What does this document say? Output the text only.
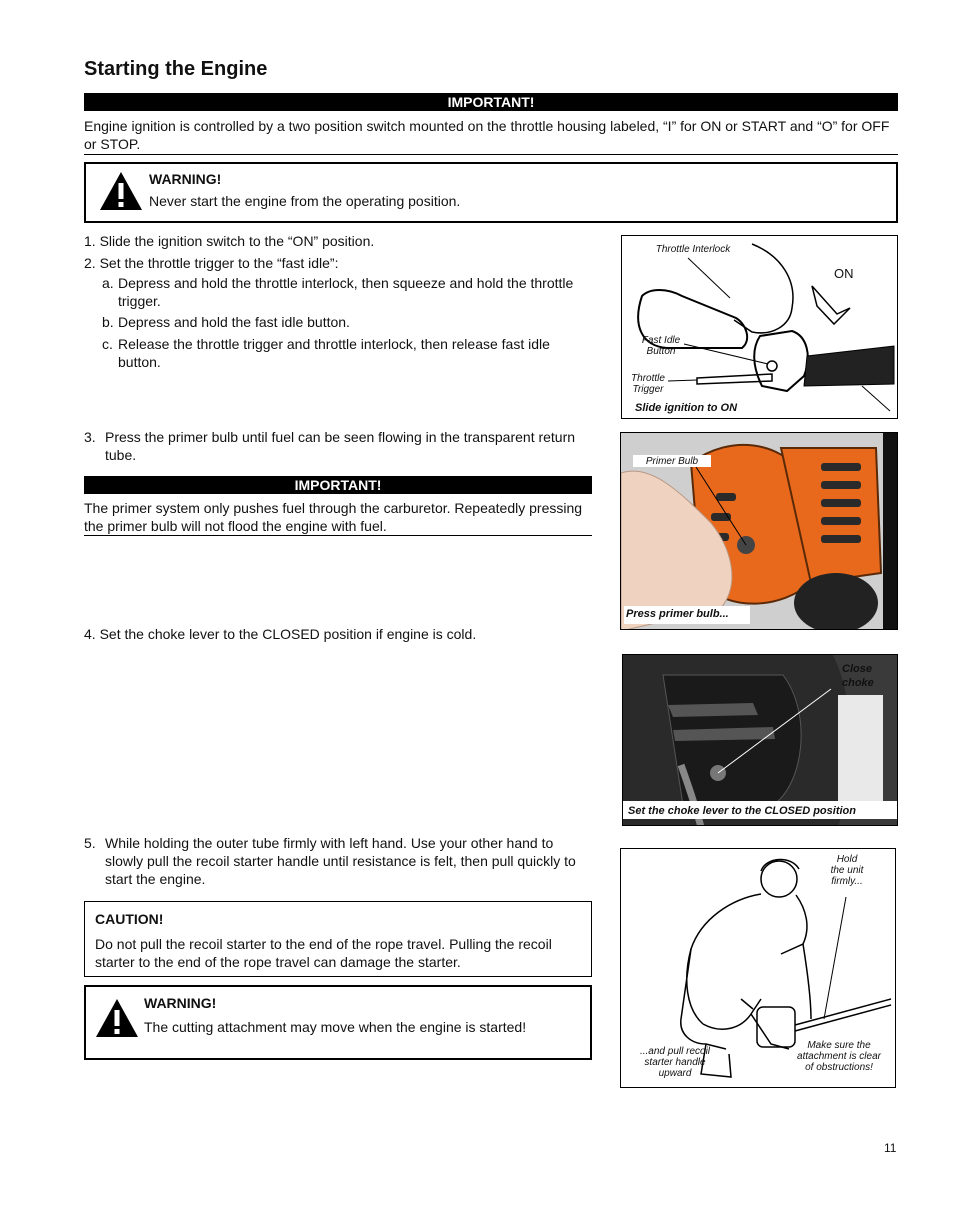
Starting the Engine
IMPORTANT!
Engine ignition is controlled by a two position switch mounted on the throttle housing labeled, “I” for ON or START and “O” for OFF or STOP.
WARNING!
Never start the engine from the operating position.
1. Slide the ignition switch to the “ON” position.
2. Set the throttle trigger to the “fast idle”:
a. Depress and hold the throttle interlock, then squeeze and hold the throttle trigger.
b. Depress and hold the fast idle button.
c. Release the throttle trigger and throttle interlock, then release fast idle button.
Throttle Interlock
ON
Fast Idle
Button
Throttle
Trigger
Slide ignition to ON
3. Press the primer bulb until fuel can be seen flowing in the transparent return tube.
IMPORTANT!
The primer system only pushes fuel through the carburetor. Repeatedly pressing the primer bulb will not flood the engine with fuel.
Primer Bulb
Press primer bulb...
4. Set the choke lever to the CLOSED position if engine is cold.
Close
choke
Set the choke lever to the CLOSED position
5. While holding the outer tube firmly with left hand. Use your other hand to slowly pull the recoil starter handle until resistance is felt, then pull quickly to start the engine.
CAUTION!
Do not pull the recoil starter to the end of the rope travel. Pulling the recoil starter to the end of the rope travel can damage the starter.
WARNING!
The cutting attachment may move when the engine is started!
Hold
the unit
firmly...
...and pull recoil
starter handle
upward
Make sure the
attachment is clear
of obstructions!
11
